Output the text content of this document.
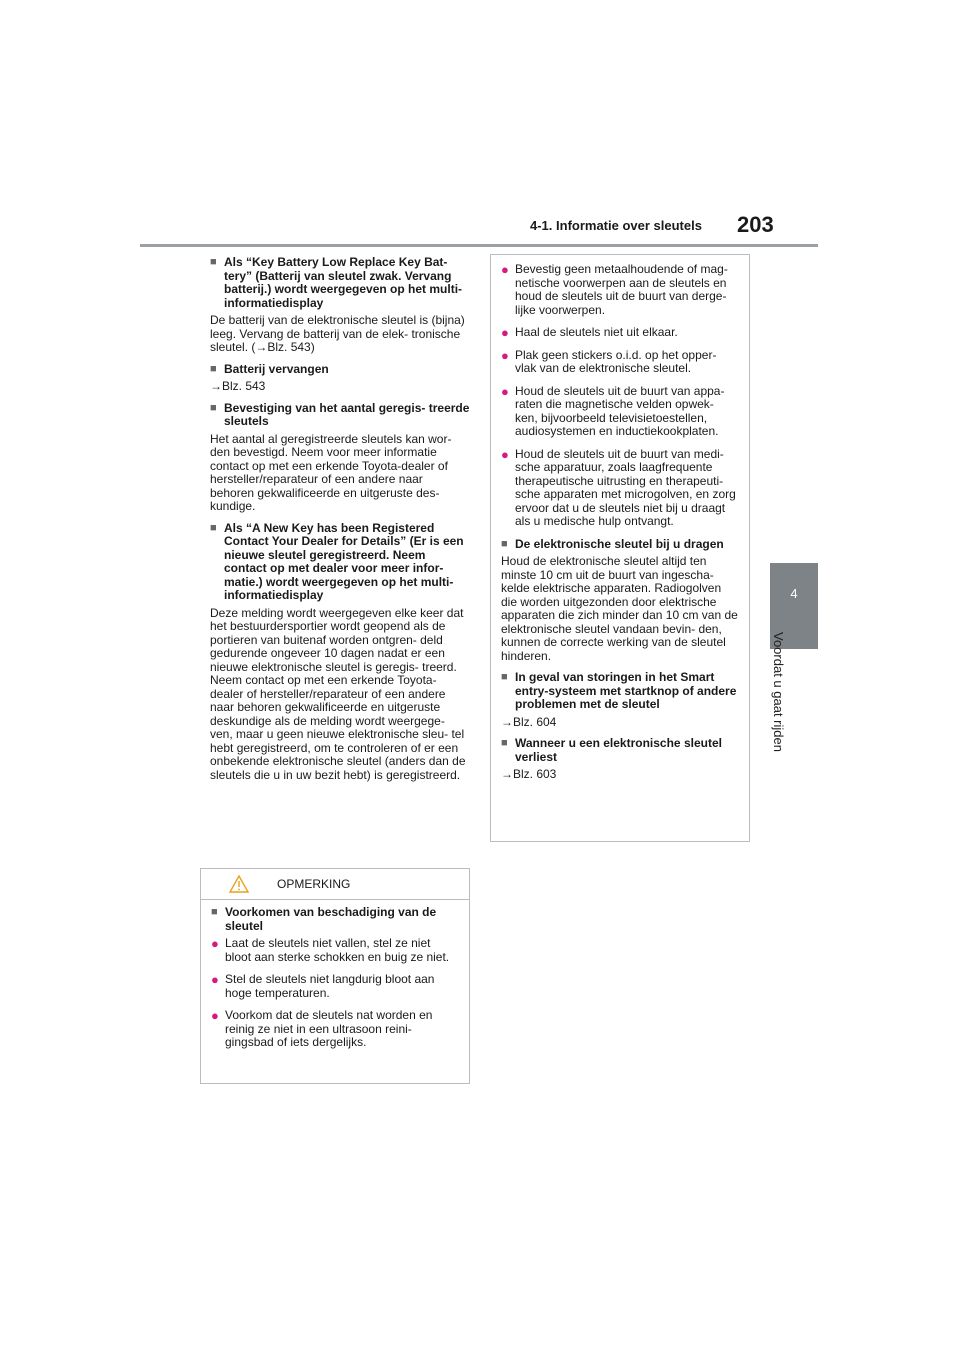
4-1. Informatie over sleutels 203
4
Voordat u gaat rijden
■ Als “Key Battery Low Replace Key Bat- tery” (Batterij van sleutel zwak. Vervang batterij.) wordt weergegeven op het multi-informatiedisplay

De batterij van de elektronische sleutel is (bijna) leeg. Vervang de batterij van de elek- tronische sleutel. (→Blz. 543)

■ Batterij vervangen

→Blz. 543

■ Bevestiging van het aantal geregis- treerde sleutels

Het aantal al geregistreerde sleutels kan wor- den bevestigd. Neem voor meer informatie contact op met een erkende Toyota-dealer of hersteller/reparateur of een andere naar behoren gekwalificeerde en uitgeruste des- kundige.

■ Als “A New Key has been Registered Contact Your Dealer for Details” (Er is een nieuwe sleutel geregistreerd. Neem contact op met dealer voor meer infor- matie.) wordt weergegeven op het multi-informatiedisplay

Deze melding wordt weergegeven elke keer dat het bestuurdersportier wordt geopend als de portieren van buitenaf worden ontgren- deld gedurende ongeveer 10 dagen nadat er een nieuwe elektronische sleutel is geregis- treerd.

Neem contact op met een erkende Toyota- dealer of hersteller/reparateur of een andere naar behoren gekwalificeerde en uitgeruste deskundige als de melding wordt weergege- ven, maar u geen nieuwe elektronische sleu- tel hebt geregistreerd, om te controleren of er een onbekende elektronische sleutel (anders dan de sleutels die u in uw bezit hebt) is geregistreerd.

OPMERKING
■ Voorkomen van beschadiging van de sleutel
● Laat de sleutels niet vallen, stel ze niet bloot aan sterke schokken en buig ze niet.
● Stel de sleutels niet langdurig bloot aan hoge temperaturen.
● Voorkom dat de sleutels nat worden en reinig ze niet in een ultrasoon reini- gingsbad of iets dergelijks.
● Bevestig geen metaalhoudende of mag- netische voorwerpen aan de sleutels en houd de sleutels uit de buurt van derge- lijke voorwerpen.
● Haal de sleutels niet uit elkaar.
● Plak geen stickers o.i.d. op het opper- vlak van de elektronische sleutel.
● Houd de sleutels uit de buurt van appa- raten die magnetische velden opwek- ken, bijvoorbeeld televisietoestellen, audiosystemen en inductiekookplaten.
● Houd de sleutels uit de buurt van medi- sche apparatuur, zoals laagfrequente therapeutische uitrusting en therapeuti- sche apparaten met microgolven, en zorg ervoor dat u de sleutels niet bij u draagt als u medische hulp ontvangt.
■ De elektronische sleutel bij u dragen

Houd de elektronische sleutel altijd ten minste 10 cm uit de buurt van ingescha- kelde elektrische apparaten. Radiogolven die worden uitgezonden door elektrische apparaten die zich minder dan 10 cm van de elektronische sleutel vandaan bevin- den, kunnen de correcte werking van de sleutel hinderen.

■ In geval van storingen in het Smart entry-systeem met startknop of andere problemen met de sleutel

→Blz. 604

■ Wanneer u een elektronische sleutel verliest

→Blz. 603
